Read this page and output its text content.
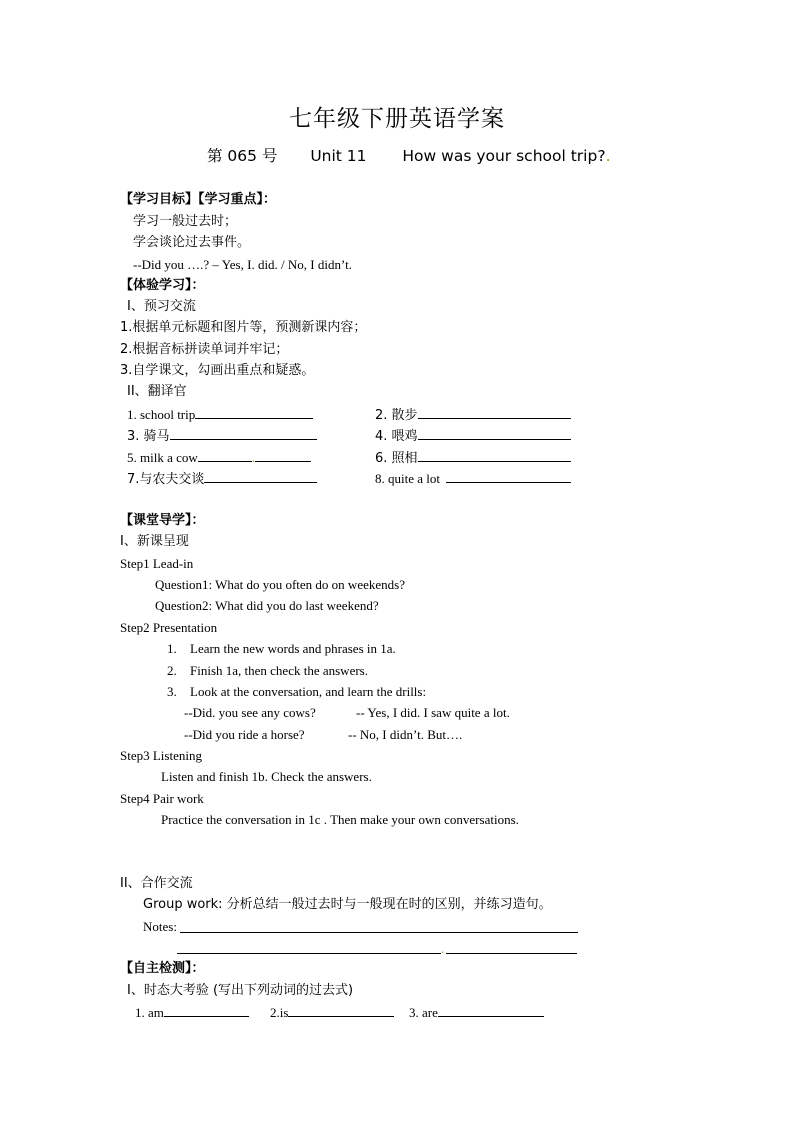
七年级下册英语学案
第 065 号 Unit 11 How was your school trip?.
【学习目标】【学习重点】：
学习一般过去时；
学会谈论过去事件。
--Did you ….? – Yes, I. did. / No, I didn’t.
【体验学习】：
I、预习交流
1.根据单元标题和图片等，预测新课内容；
2.根据音标拼读单词并牢记；
3.自学课文，勾画出重点和疑惑。
II、翻译官
1. school trip	2. 散步
3. 骑马	4. 喂鸡
5. milk a cow	.	6. 照相
7.与农夫交谈	8. quite a lot
【课堂导学】：
I、新课呈现
Step1 Lead-in
Question1: What do you often do on weekends?
Question2: What did you do last weekend?
Step2 Presentation
1. Learn the new words and phrases in 1a.
2. Finish 1a, then check the answers.
3. Look at the conversation, and learn the drills:
--Did. you see any cows?	-- Yes, I did. I saw quite a lot.
--Did you ride a horse?	-- No, I didn’t. But….
Step3 Listening
Listen and finish 1b. Check the answers.
Step4 Pair work
Practice the conversation in 1c . Then make your own conversations.
II、合作交流
Group work: 分析总结一般过去时与一般现在时的区别，并练习造句。
Notes:
.
【自主检测】：
I、时态大考验 (写出下列动词的过去式)
1. am	2.is	3. are
